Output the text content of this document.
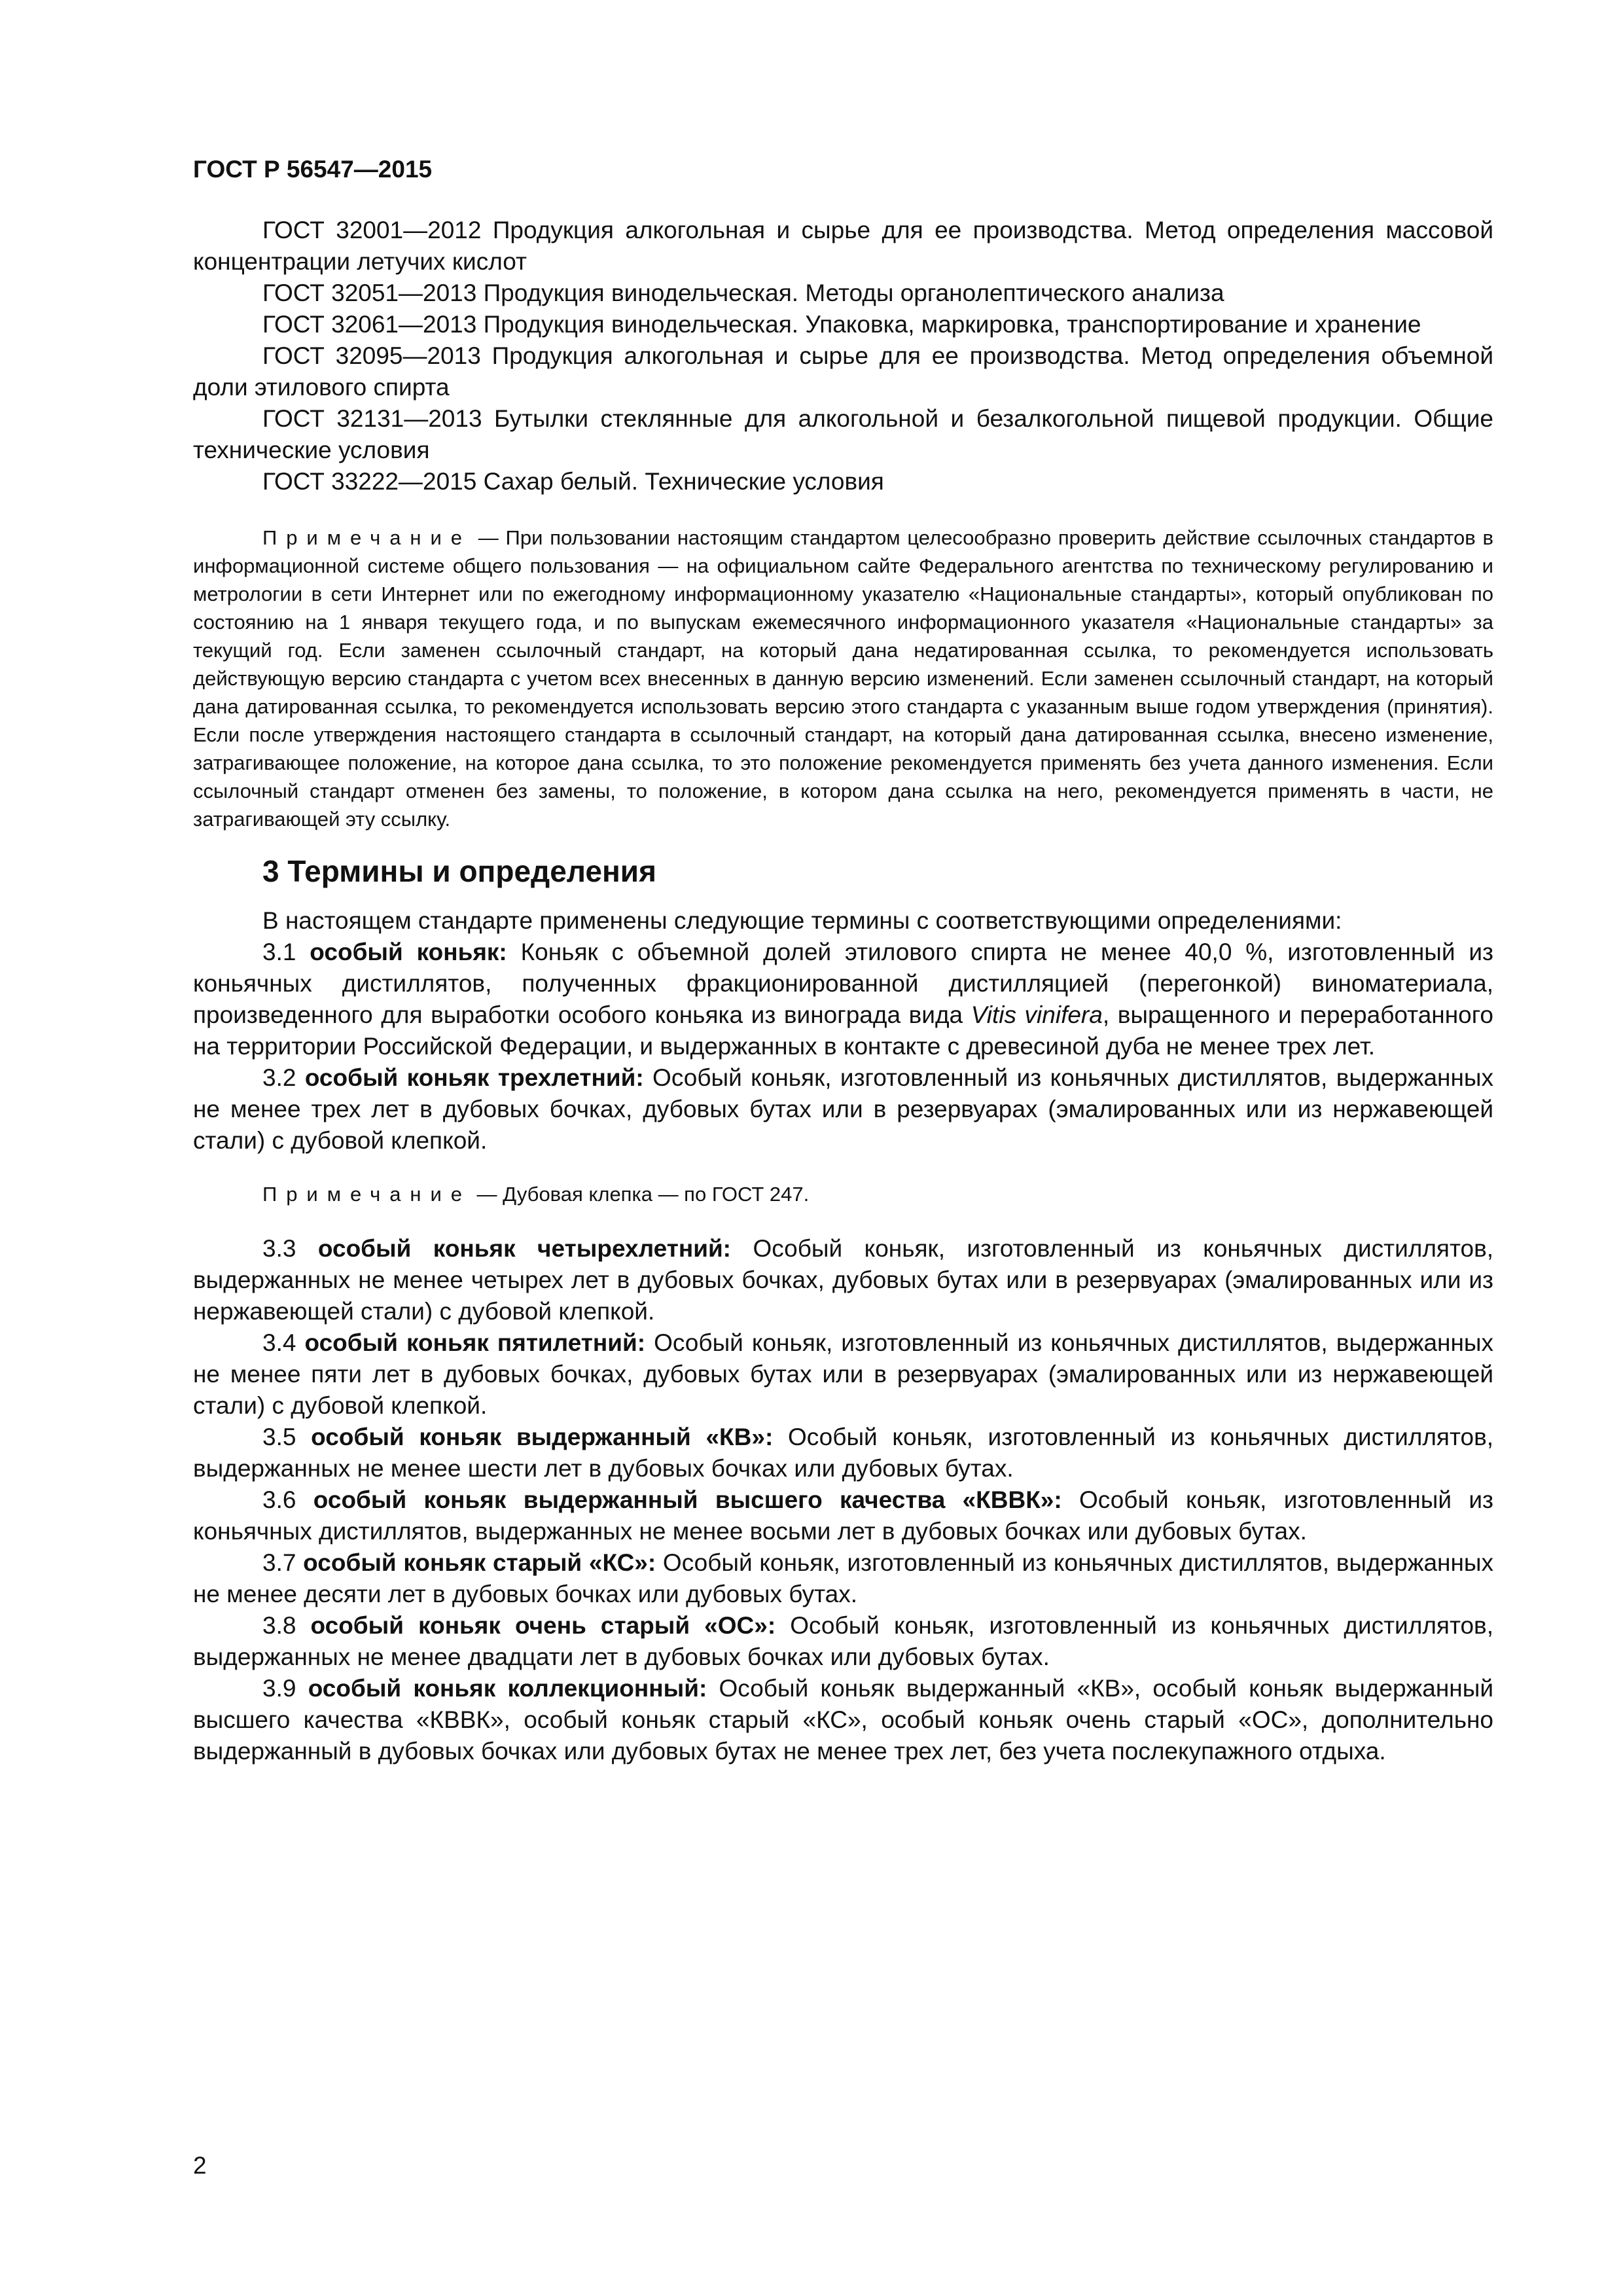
ГОСТ Р 56547—2015
ГОСТ 32001—2012 Продукция алкогольная и сырье для ее производства. Метод определения массовой концентрации летучих кислот
ГОСТ 32051—2013 Продукция винодельческая. Методы органолептического анализа
ГОСТ 32061—2013 Продукция винодельческая. Упаковка, маркировка, транспортирование и хранение
ГОСТ 32095—2013 Продукция алкогольная и сырье для ее производства. Метод определения объемной доли этилового спирта
ГОСТ 32131—2013 Бутылки стеклянные для алкогольной и безалкогольной пищевой продукции. Общие технические условия
ГОСТ 33222—2015 Сахар белый. Технические условия
Примечание — При пользовании настоящим стандартом целесообразно проверить действие ссылочных стандартов в информационной системе общего пользования — на официальном сайте Федерального агентства по техническому регулированию и метрологии в сети Интернет или по ежегодному информационному указателю «Национальные стандарты», который опубликован по состоянию на 1 января текущего года, и по выпускам ежемесячного информационного указателя «Национальные стандарты» за текущий год. Если заменен ссылочный стандарт, на который дана недатированная ссылка, то рекомендуется использовать действующую версию стандарта с учетом всех внесенных в данную версию изменений. Если заменен ссылочный стандарт, на который дана датированная ссылка, то рекомендуется использовать версию этого стандарта с указанным выше годом утверждения (принятия). Если после утверждения настоящего стандарта в ссылочный стандарт, на который дана датированная ссылка, внесено изменение, затрагивающее положение, на которое дана ссылка, то это положение рекомендуется применять без учета данного изменения. Если ссылочный стандарт отменен без замены, то положение, в котором дана ссылка на него, рекомендуется применять в части, не затрагивающей эту ссылку.
3 Термины и определения
В настоящем стандарте применены следующие термины с соответствующими определениями:
3.1 особый коньяк: Коньяк с объемной долей этилового спирта не менее 40,0 %, изготовленный из коньячных дистиллятов, полученных фракционированной дистилляцией (перегонкой) виноматериала, произведенного для выработки особого коньяка из винограда вида Vitis vinifera, выращенного и переработанного на территории Российской Федерации, и выдержанных в контакте с древесиной дуба не менее трех лет.
3.2 особый коньяк трехлетний: Особый коньяк, изготовленный из коньячных дистиллятов, выдержанных не менее трех лет в дубовых бочках, дубовых бутах или в резервуарах (эмалированных или из нержавеющей стали) с дубовой клепкой.
Примечание — Дубовая клепка — по ГОСТ 247.
3.3 особый коньяк четырехлетний: Особый коньяк, изготовленный из коньячных дистиллятов, выдержанных не менее четырех лет в дубовых бочках, дубовых бутах или в резервуарах (эмалированных или из нержавеющей стали) с дубовой клепкой.
3.4 особый коньяк пятилетний: Особый коньяк, изготовленный из коньячных дистиллятов, выдержанных не менее пяти лет в дубовых бочках, дубовых бутах или в резервуарах (эмалированных или из нержавеющей стали) с дубовой клепкой.
3.5 особый коньяк выдержанный «КВ»: Особый коньяк, изготовленный из коньячных дистиллятов, выдержанных не менее шести лет в дубовых бочках или дубовых бутах.
3.6 особый коньяк выдержанный высшего качества «КВВК»: Особый коньяк, изготовленный из коньячных дистиллятов, выдержанных не менее восьми лет в дубовых бочках или дубовых бутах.
3.7 особый коньяк старый «КС»: Особый коньяк, изготовленный из коньячных дистиллятов, выдержанных не менее десяти лет в дубовых бочках или дубовых бутах.
3.8 особый коньяк очень старый «ОС»: Особый коньяк, изготовленный из коньячных дистиллятов, выдержанных не менее двадцати лет в дубовых бочках или дубовых бутах.
3.9 особый коньяк коллекционный: Особый коньяк выдержанный «КВ», особый коньяк выдержанный высшего качества «КВВК», особый коньяк старый «КС», особый коньяк очень старый «ОС», дополнительно выдержанный в дубовых бочках или дубовых бутах не менее трех лет, без учета послекупажного отдыха.
2
